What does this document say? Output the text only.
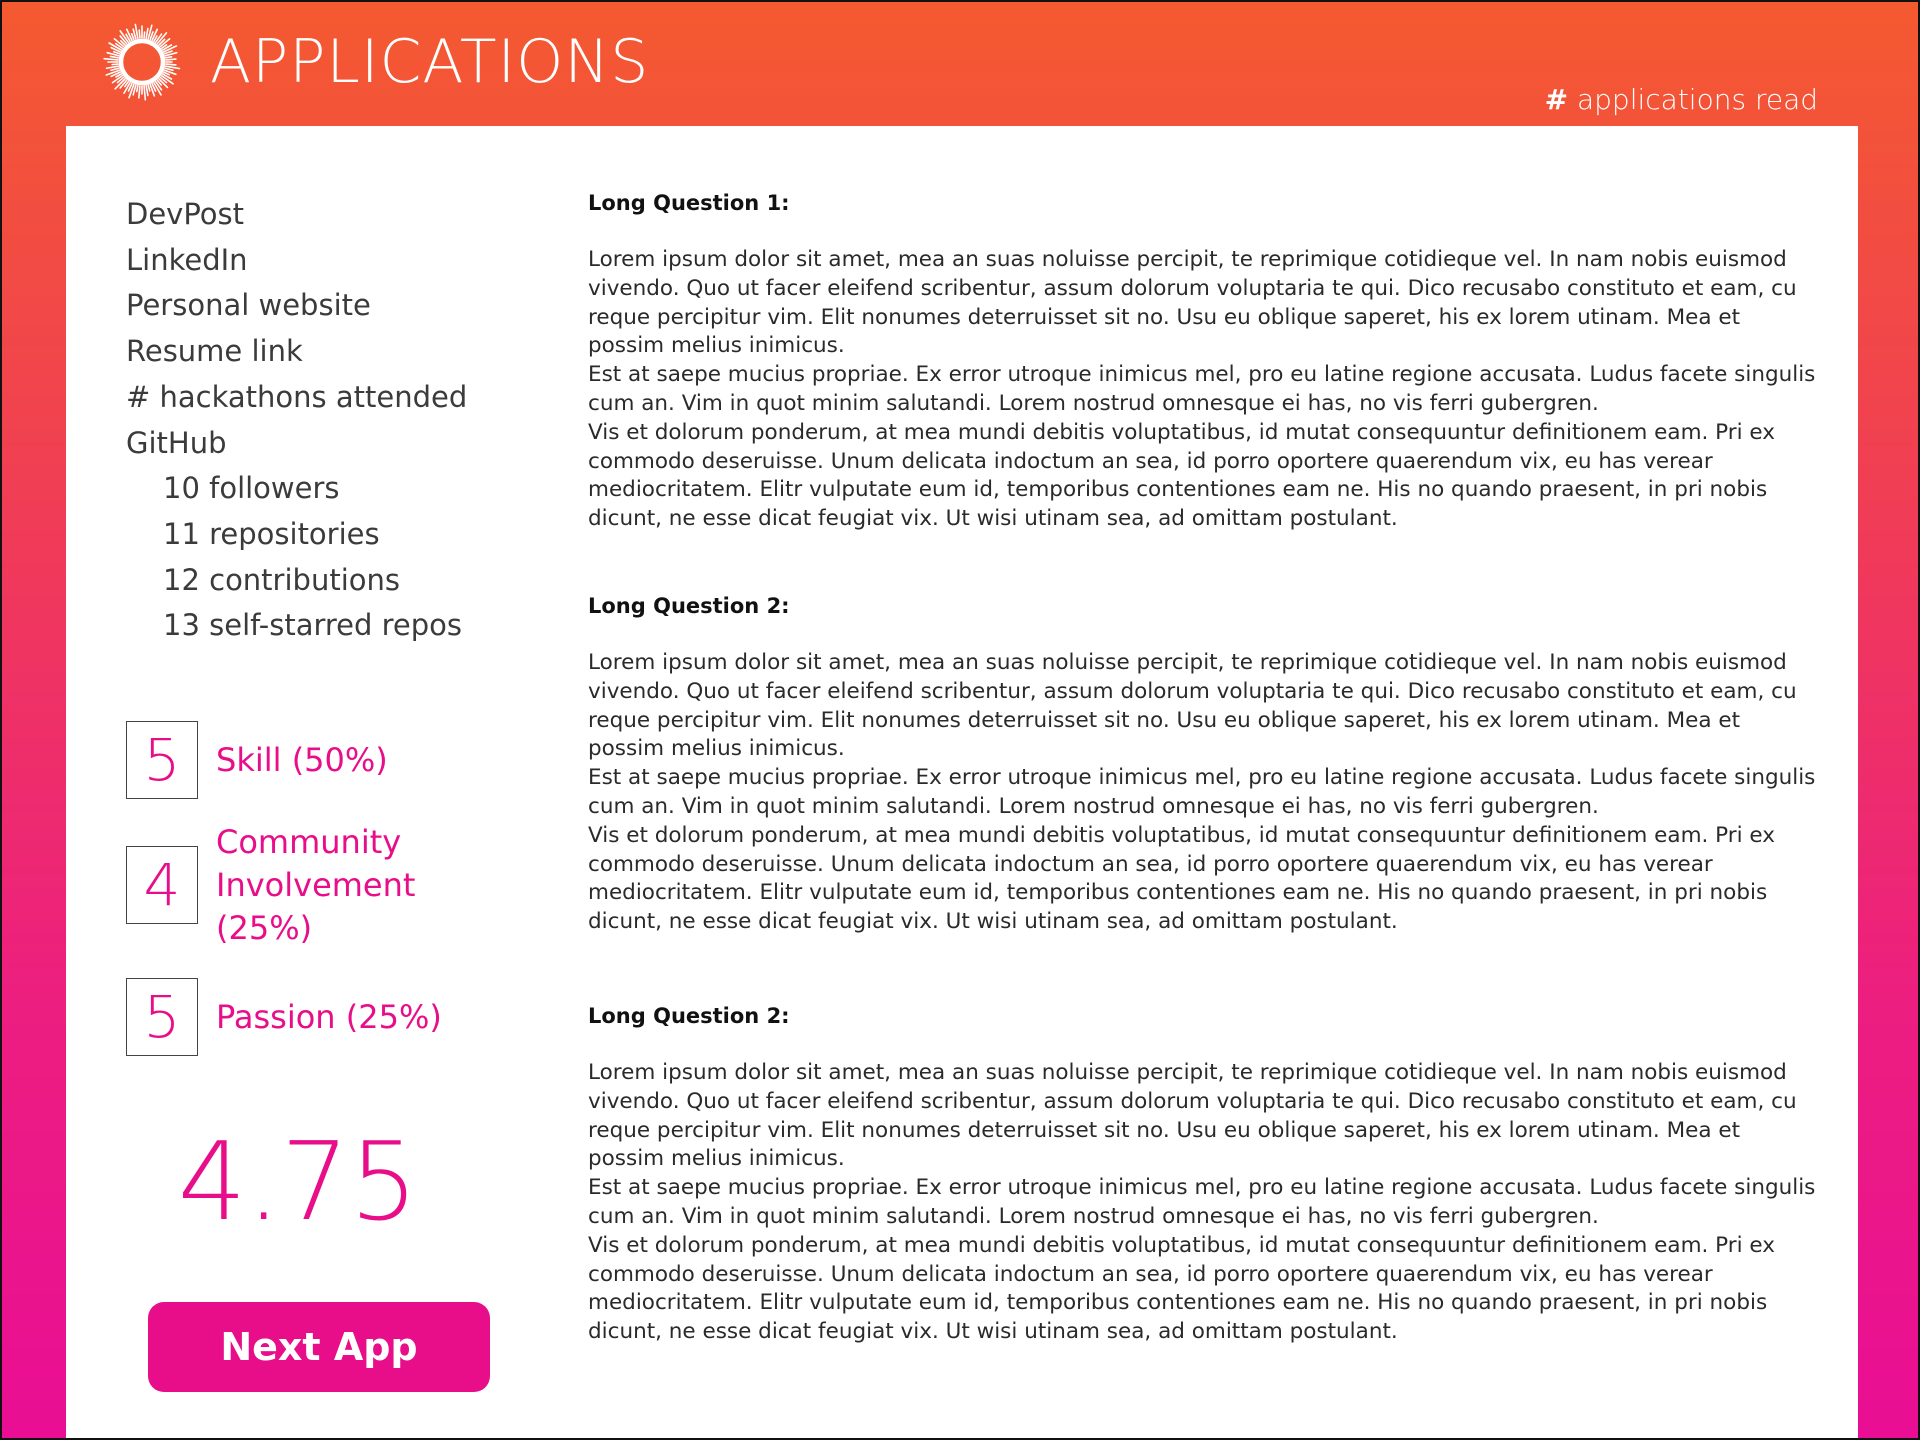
APPLICATIONS
# applications read
DevPost
LinkedIn
Personal website
Resume link
# hackathons attended
GitHub
10 followers
11 repositories
12 contributions
13 self-starred repos
5	Skill (50%)
4
Community Involvement (25%)
5	Passion (25%)
4.75
Next App
Long Question 1:

Lorem ipsum dolor sit amet, mea an suas noluisse percipit, te reprimique cotidieque vel. In nam nobis euismod vivendo. Quo ut facer eleifend scribentur, assum dolorum voluptaria te qui. Dico recusabo constituto et eam, cu reque percipitur vim. Elit nonumes deterruisset sit no. Usu eu oblique saperet, his ex lorem utinam. Mea et possim melius inimicus.

Est at saepe mucius propriae. Ex error utroque inimicus mel, pro eu latine regione accusata. Ludus facete singulis cum an. Vim in quot minim salutandi. Lorem nostrud omnesque ei has, no vis ferri gubergren.

Vis et dolorum ponderum, at mea mundi debitis voluptatibus, id mutat consequuntur definitionem eam. Pri ex commodo deseruisse. Unum delicata indoctum an sea, id porro oportere quaerendum vix, eu has verear mediocritatem. Elitr vulputate eum id, temporibus contentiones eam ne. His no quando praesent, in pri nobis dicunt, ne esse dicat feugiat vix. Ut wisi utinam sea, ad omittam postulant.

Long Question 2:

Lorem ipsum dolor sit amet, mea an suas noluisse percipit, te reprimique cotidieque vel. In nam nobis euismod vivendo. Quo ut facer eleifend scribentur, assum dolorum voluptaria te qui. Dico recusabo constituto et eam, cu reque percipitur vim. Elit nonumes deterruisset sit no. Usu eu oblique saperet, his ex lorem utinam. Mea et possim melius inimicus.

Est at saepe mucius propriae. Ex error utroque inimicus mel, pro eu latine regione accusata. Ludus facete singulis cum an. Vim in quot minim salutandi. Lorem nostrud omnesque ei has, no vis ferri gubergren.

Vis et dolorum ponderum, at mea mundi debitis voluptatibus, id mutat consequuntur definitionem eam. Pri ex commodo deseruisse. Unum delicata indoctum an sea, id porro oportere quaerendum vix, eu has verear mediocritatem. Elitr vulputate eum id, temporibus contentiones eam ne. His no quando praesent, in pri nobis dicunt, ne esse dicat feugiat vix. Ut wisi utinam sea, ad omittam postulant.

Long Question 2:

Lorem ipsum dolor sit amet, mea an suas noluisse percipit, te reprimique cotidieque vel. In nam nobis euismod vivendo. Quo ut facer eleifend scribentur, assum dolorum voluptaria te qui. Dico recusabo constituto et eam, cu reque percipitur vim. Elit nonumes deterruisset sit no. Usu eu oblique saperet, his ex lorem utinam. Mea et possim melius inimicus.

Est at saepe mucius propriae. Ex error utroque inimicus mel, pro eu latine regione accusata. Ludus facete singulis cum an. Vim in quot minim salutandi. Lorem nostrud omnesque ei has, no vis ferri gubergren.

Vis et dolorum ponderum, at mea mundi debitis voluptatibus, id mutat consequuntur definitionem eam. Pri ex commodo deseruisse. Unum delicata indoctum an sea, id porro oportere quaerendum vix, eu has verear mediocritatem. Elitr vulputate eum id, temporibus contentiones eam ne. His no quando praesent, in pri nobis dicunt, ne esse dicat feugiat vix. Ut wisi utinam sea, ad omittam postulant.
